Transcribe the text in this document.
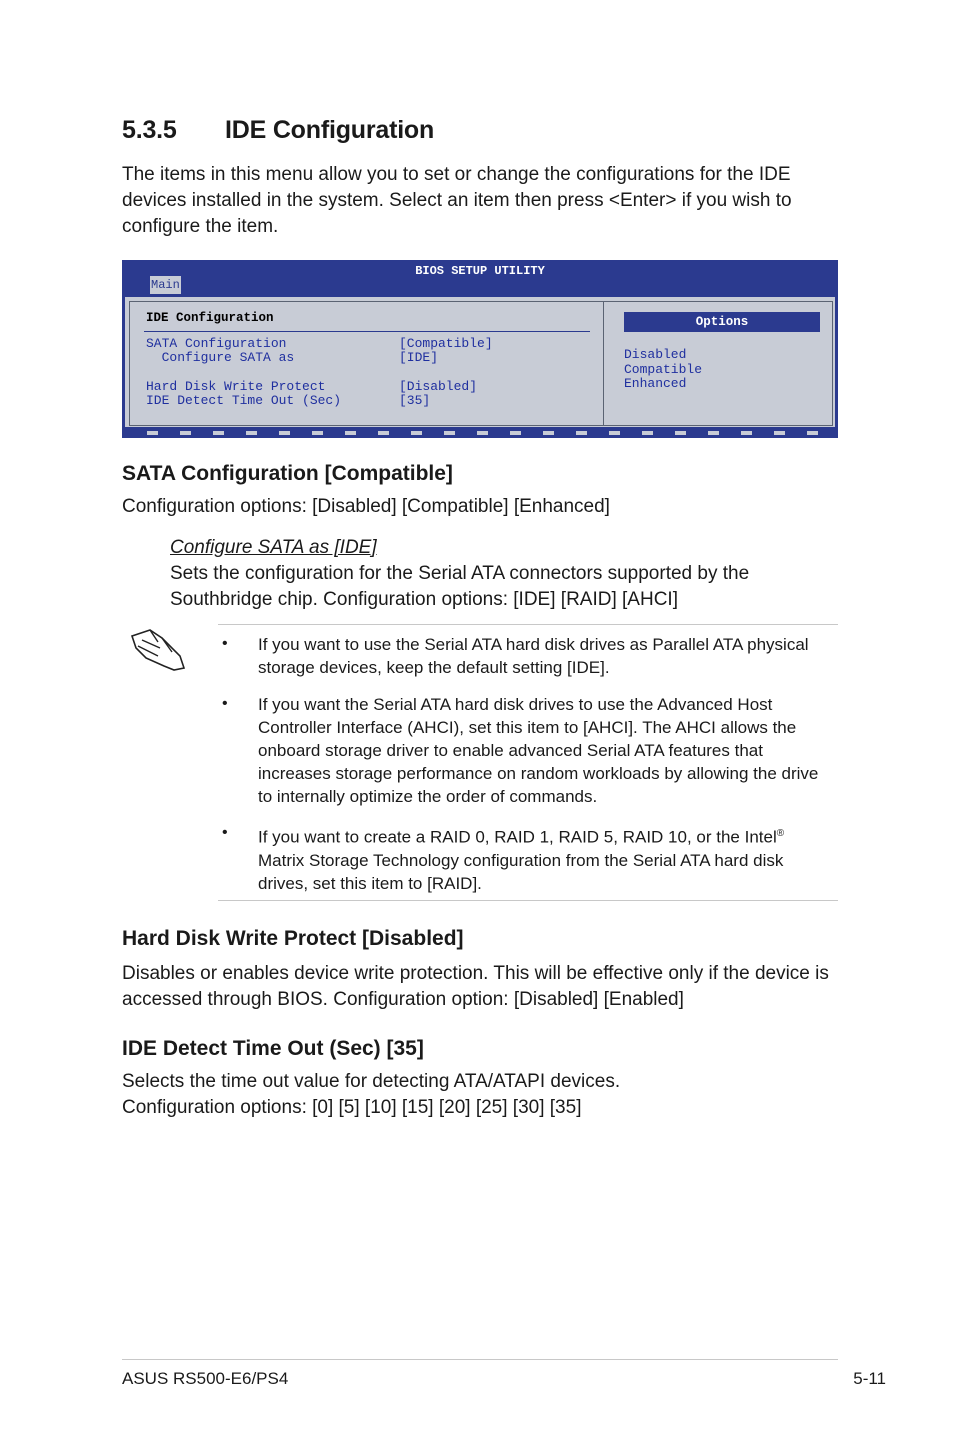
5.3.5 IDE Configuration
The items in this menu allow you to set or change the configurations for the IDE devices installed in the system. Select an item then press <Enter> if you wish to configure the item.
BIOS SETUP UTILITY
Main
IDE Configuration
SATA Configuration	[Compatible]
Configure SATA as	[IDE]
Hard Disk Write Protect	[Disabled]
IDE Detect Time Out (Sec)	[35]
Options
Disabled
Compatible
Enhanced
SATA Configuration [Compatible]
Configuration options: [Disabled] [Compatible] [Enhanced]
Configure SATA as [IDE]
Sets the configuration for the Serial ATA connectors supported by the Southbridge chip. Configuration options: [IDE] [RAID] [AHCI]
• If you want to use the Serial ATA hard disk drives as Parallel ATA physical storage devices, keep the default setting [IDE].
• If you want the Serial ATA hard disk drives to use the Advanced Host Controller Interface (AHCI), set this item to [AHCI]. The AHCI allows the onboard storage driver to enable advanced Serial ATA features that increases storage performance on random workloads by allowing the drive to internally optimize the order of commands.
• If you want to create a RAID 0, RAID 1, RAID 5, RAID 10, or the Intel® Matrix Storage Technology configuration from the Serial ATA hard disk drives, set this item to [RAID].
Hard Disk Write Protect [Disabled]
Disables or enables device write protection. This will be effective only if the device is accessed through BIOS. Configuration option: [Disabled] [Enabled]
IDE Detect Time Out (Sec) [35]
Selects the time out value for detecting ATA/ATAPI devices.
Configuration options: [0] [5] [10] [15] [20] [25] [30] [35]
ASUS RS500-E6/PS4	5-11
